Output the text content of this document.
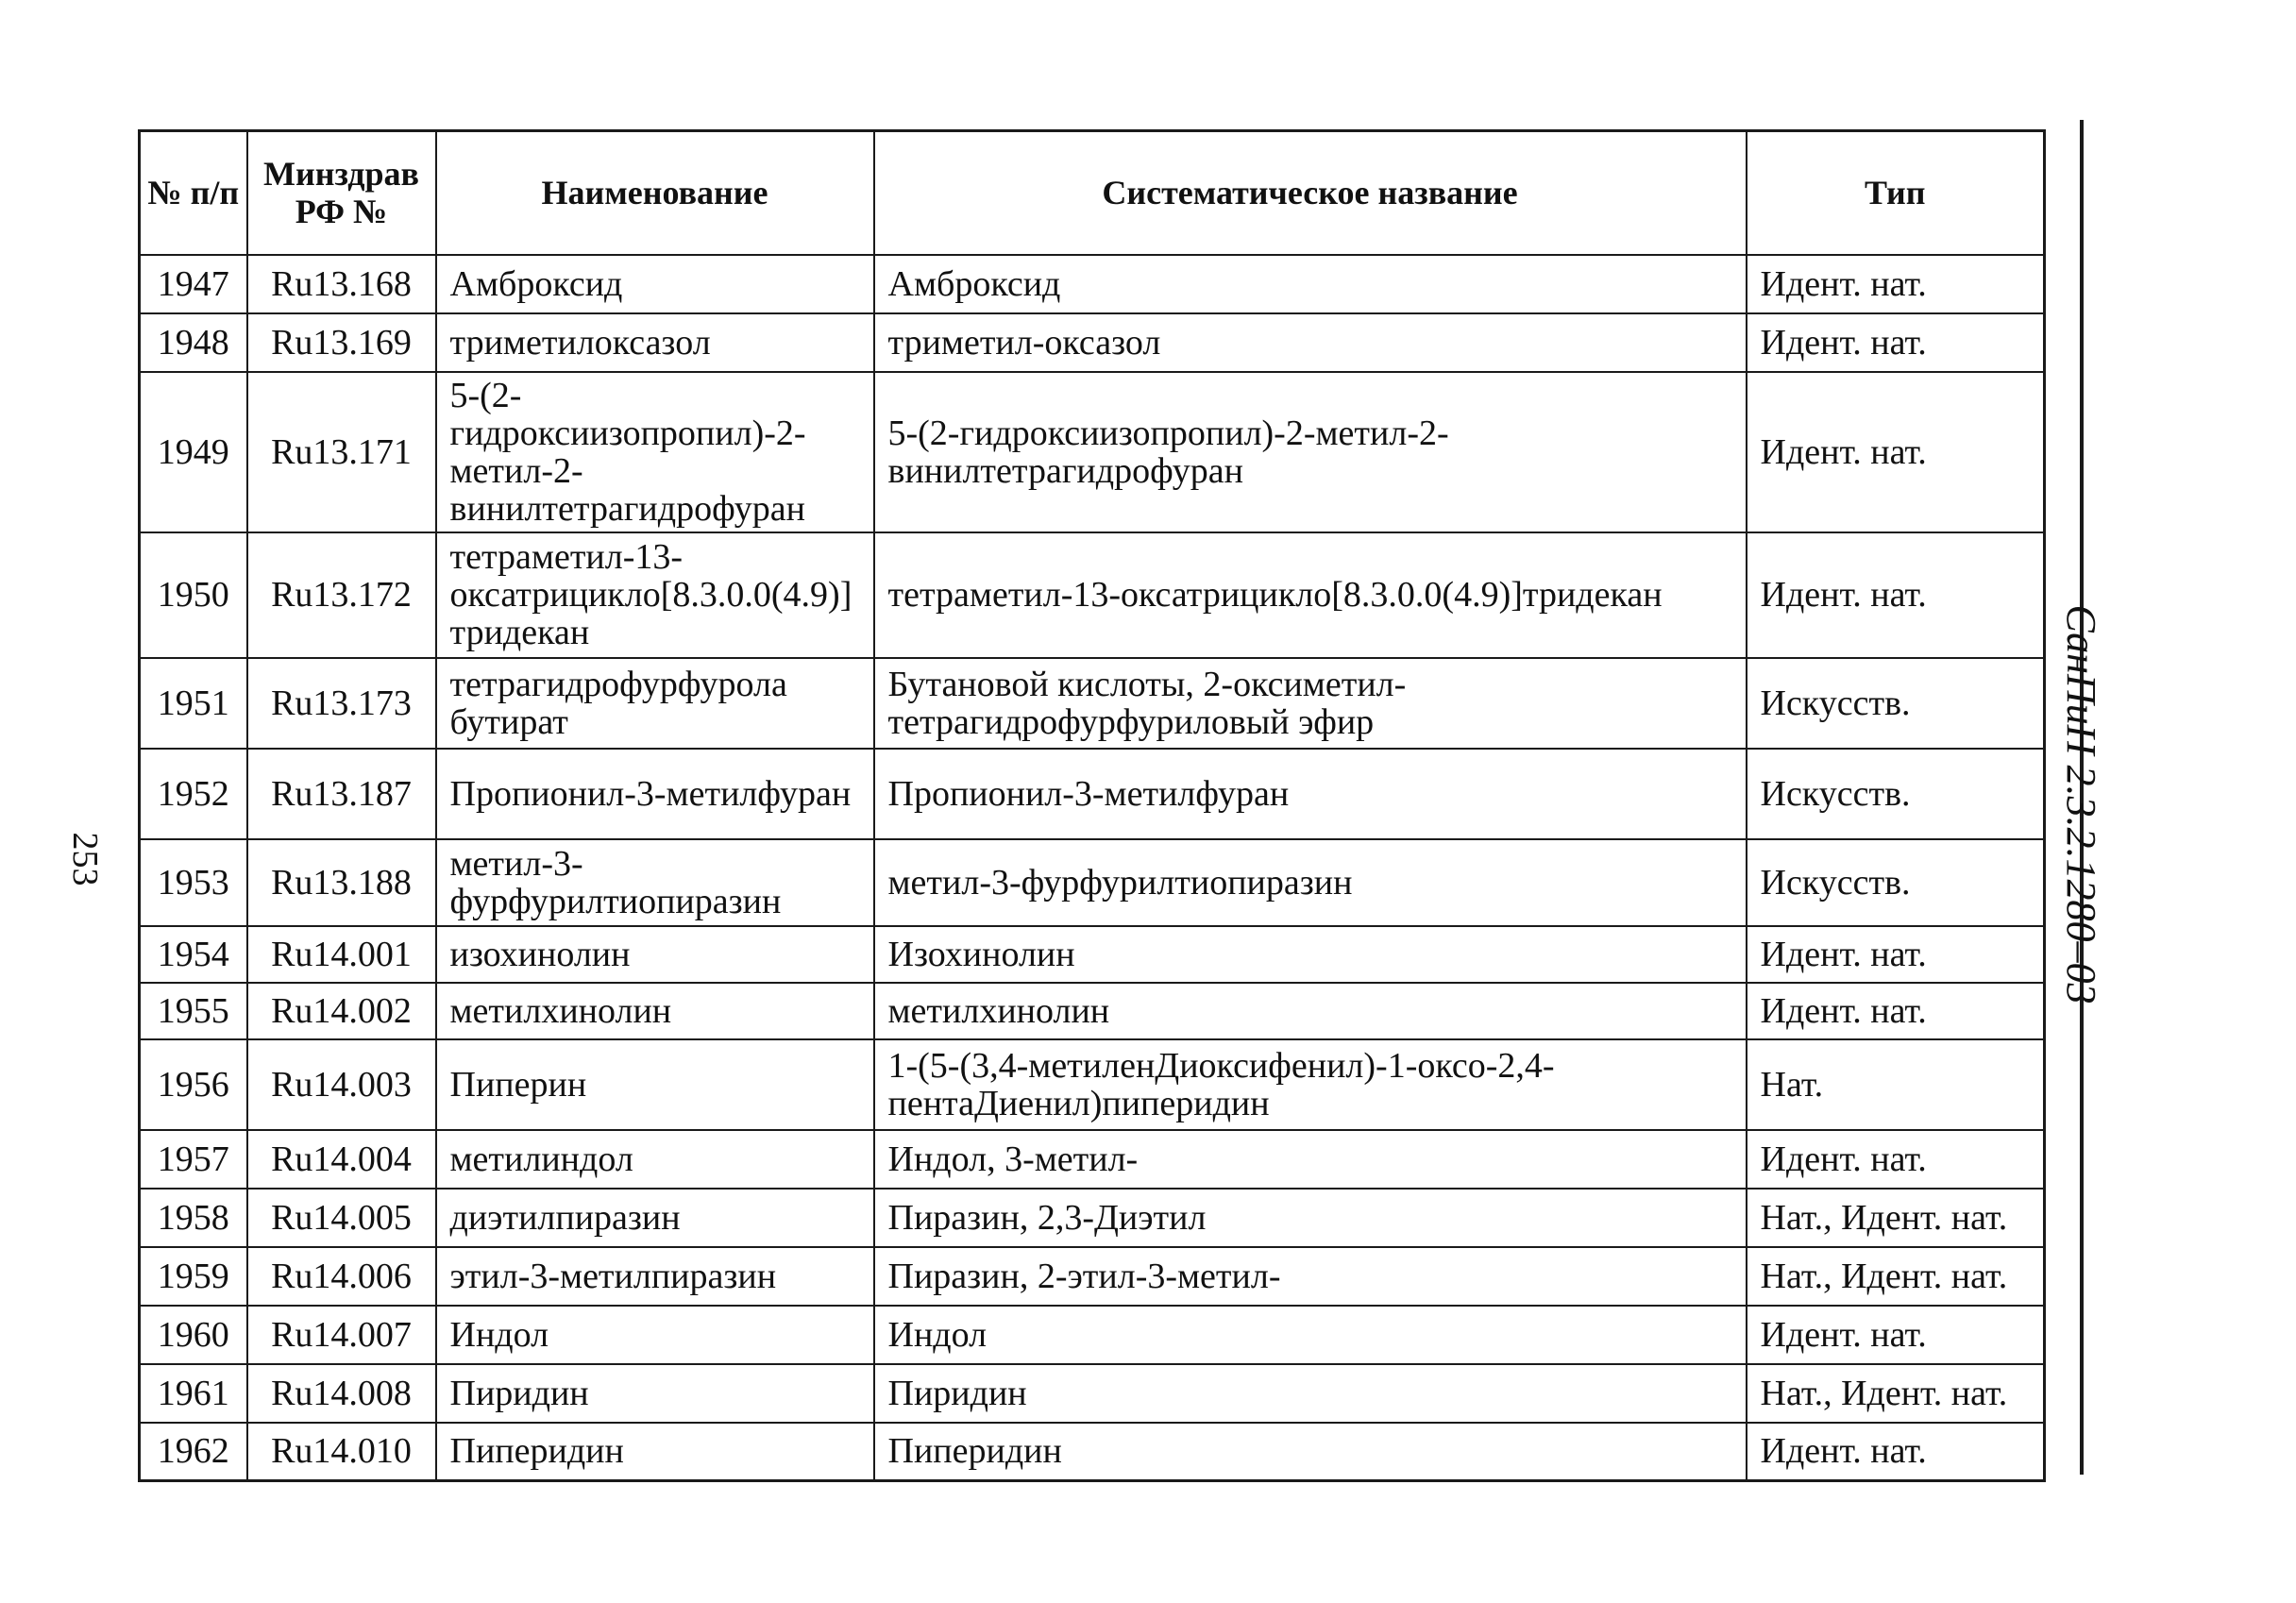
253
№ п/п	Минздрав РФ №	Наименование	Систематическое название	Тип
1947	Ru13.168	Амброксид	Амброксид	Идент. нат.
1948	Ru13.169	триметилоксазол	триметил-оксазол	Идент. нат.
1949	Ru13.171	5-(2-гидроксиизопропил)-2-метил-2-винилтетрагидрофуран	5-(2-гидроксиизопропил)-2-метил-2-винилтетрагидрофуран	Идент. нат.
1950	Ru13.172	тетраметил-13-оксатрицикло[8.3.0.0(4.9)]тридекан	тетраметил-13-оксатрицикло[8.3.0.0(4.9)]тридекан	Идент. нат.
1951	Ru13.173	тетрагидрофурфурола бутират	Бутановой кислоты, 2-оксиметил-тетрагидрофурфуриловый эфир	Искусств.
1952	Ru13.187	Пропионил-3-метилфуран	Пропионил-3-метилфуран	Искусств.
1953	Ru13.188	метил-3-фурфурилтиопиразин	метил-3-фурфурилтиопиразин	Искусств.
1954	Ru14.001	изохинолин	Изохинолин	Идент. нат.
1955	Ru14.002	метилхинолин	метилхинолин	Идент. нат.
1956	Ru14.003	Пиперин	1-(5-(3,4-метиленДиоксифенил)-1-оксо-2,4-пентаДиенил)пиперидин	Нат.
1957	Ru14.004	метилиндол	Индол, 3-метил-	Идент. нат.
1958	Ru14.005	диэтилпиразин	Пиразин, 2,3-Диэтил	Нат., Идент. нат.
1959	Ru14.006	этил-3-метилпиразин	Пиразин, 2-этил-3-метил-	Нат., Идент. нат.
1960	Ru14.007	Индол	Индол	Идент. нат.
1961	Ru14.008	Пиридин	Пиридин	Нат., Идент. нат.
1962	Ru14.010	Пиперидин	Пиперидин	Идент. нат.
СанПиН 2.3.2.1280–03
